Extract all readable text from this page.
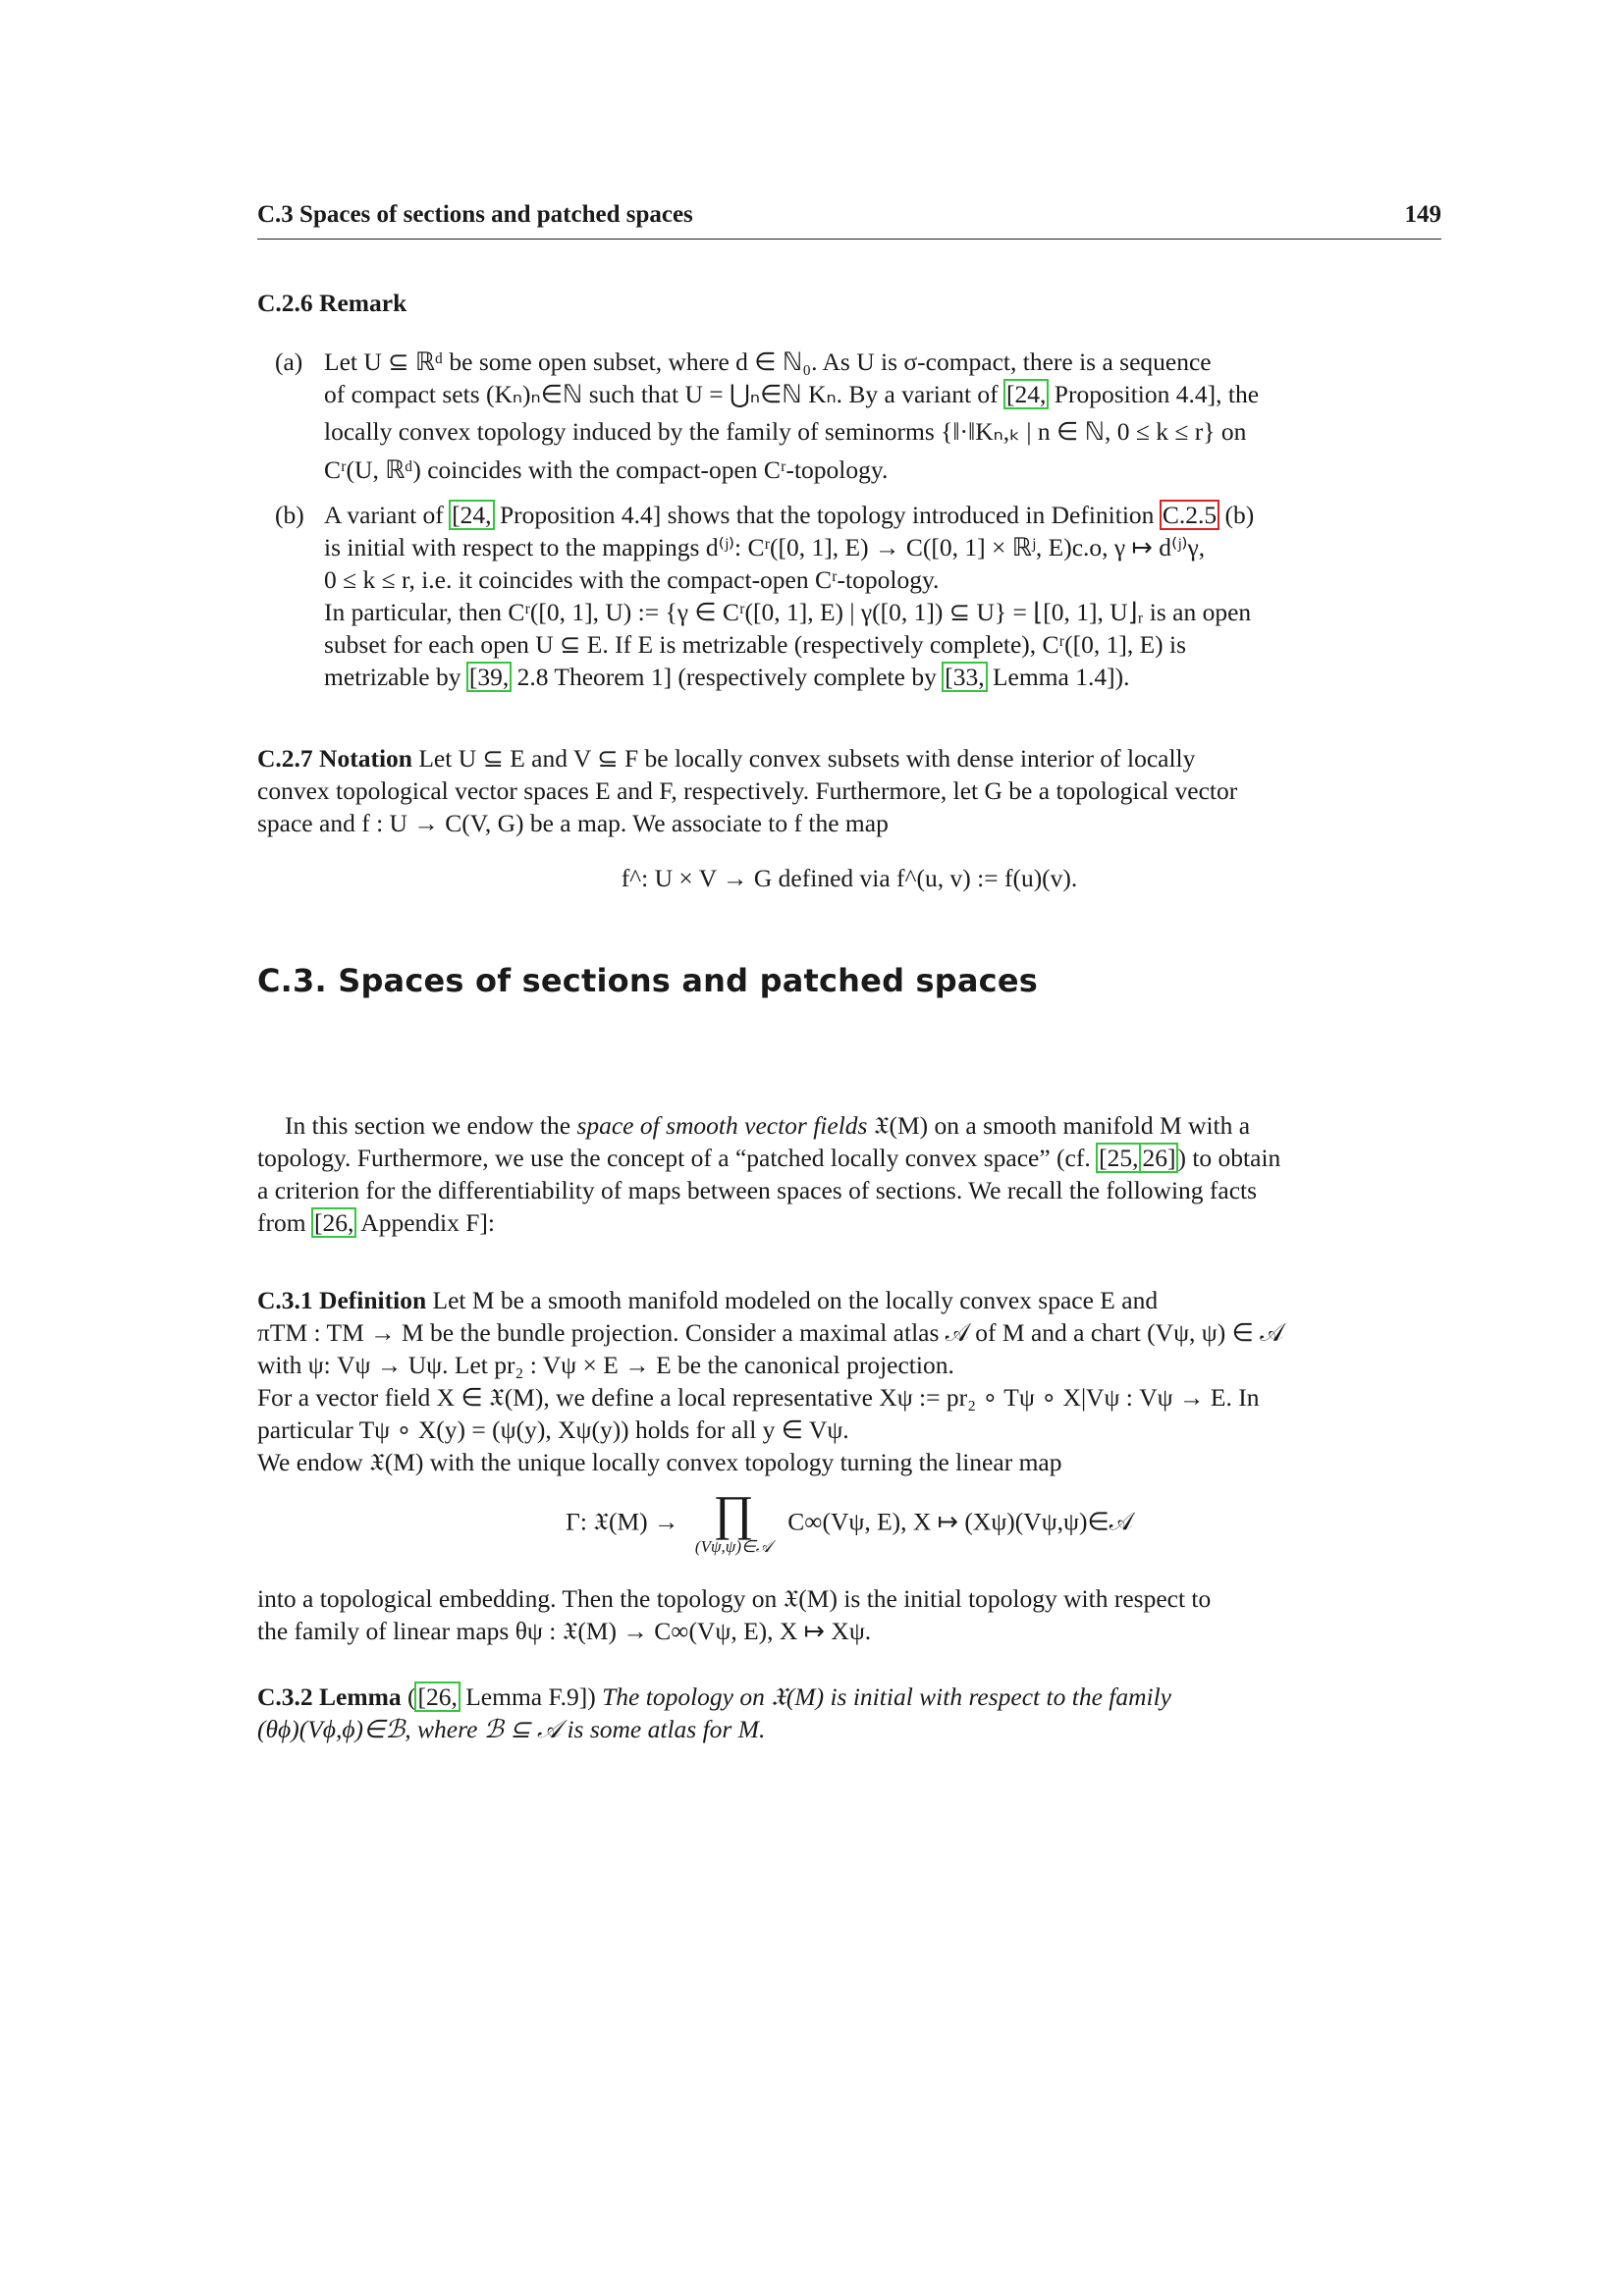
C.3 Spaces of sections and patched spaces	149

C.2.6 Remark

(a) Let U ⊆ ℝᵈ be some open subset, where d ∈ ℕ₀. As U is σ-compact, there is a sequence

of compact sets (Kₙ)ₙ∈ℕ such that U = ⋃ₙ∈ℕ Kₙ. By a variant of [24, Proposition 4.4], the

locally convex topology induced by the family of seminorms {‖·‖Kₙ,ₖ | n ∈ ℕ, 0 ≤ k ≤ r} on

Cʳ(U, ℝᵈ) coincides with the compact-open Cʳ-topology.

(b) A variant of [24, Proposition 4.4] shows that the topology introduced in Definition C.2.5 (b)

is initial with respect to the mappings d⁽ʲ⁾: Cʳ([0, 1], E) → C([0, 1] × ℝʲ, E)c.o, γ ↦ d⁽ʲ⁾γ,

0 ≤ k ≤ r, i.e. it coincides with the compact-open Cʳ-topology.

In particular, then Cʳ([0, 1], U) := {γ ∈ Cʳ([0, 1], E) | γ([0, 1]) ⊆ U} = ⌊[0, 1], U⌋ᵣ is an open

subset for each open U ⊆ E. If E is metrizable (respectively complete), Cʳ([0, 1], E) is

metrizable by [39, 2.8 Theorem 1] (respectively complete by [33, Lemma 1.4]).

C.2.7 Notation Let U ⊆ E and V ⊆ F be locally convex subsets with dense interior of locally

convex topological vector spaces E and F, respectively. Furthermore, let G be a topological vector

space and f : U → C(V, G) be a map. We associate to f the map

f^: U × V → G defined via f^(u, v) := f(u)(v).
C.3. Spaces of sections and patched spaces

In this section we endow the space of smooth vector fields 𝔛(M) on a smooth manifold M with a

topology. Furthermore, we use the concept of a “patched locally convex space” (cf. [25, 26]) to obtain

a criterion for the differentiability of maps between spaces of sections. We recall the following facts

from [26, Appendix F]:

C.3.1 Definition Let M be a smooth manifold modeled on the locally convex space E and

πTM : TM → M be the bundle projection. Consider a maximal atlas 𝒜 of M and a chart (Vψ, ψ) ∈ 𝒜

with ψ: Vψ → Uψ. Let pr₂ : Vψ × E → E be the canonical projection.

For a vector field X ∈ 𝔛(M), we define a local representative Xψ := pr₂ ∘ Tψ ∘ X|Vψ : Vψ → E. In

particular Tψ ∘ X(y) = (ψ(y), Xψ(y)) holds for all y ∈ Vψ.

We endow 𝔛(M) with the unique locally convex topology turning the linear map

Γ: 𝔛(M) → ∏
(Vψ,ψ)∈𝒜
C∞(Vψ, E), X ↦ (Xψ)(Vψ,ψ)∈𝒜

into a topological embedding. Then the topology on 𝔛(M) is the initial topology with respect to

the family of linear maps θψ : 𝔛(M) → C∞(Vψ, E), X ↦ Xψ.

C.3.2 Lemma ([26, Lemma F.9]) The topology on 𝔛(M) is initial with respect to the family

(θϕ)(Vϕ,ϕ)∈ℬ, where ℬ ⊆ 𝒜 is some atlas for M.
